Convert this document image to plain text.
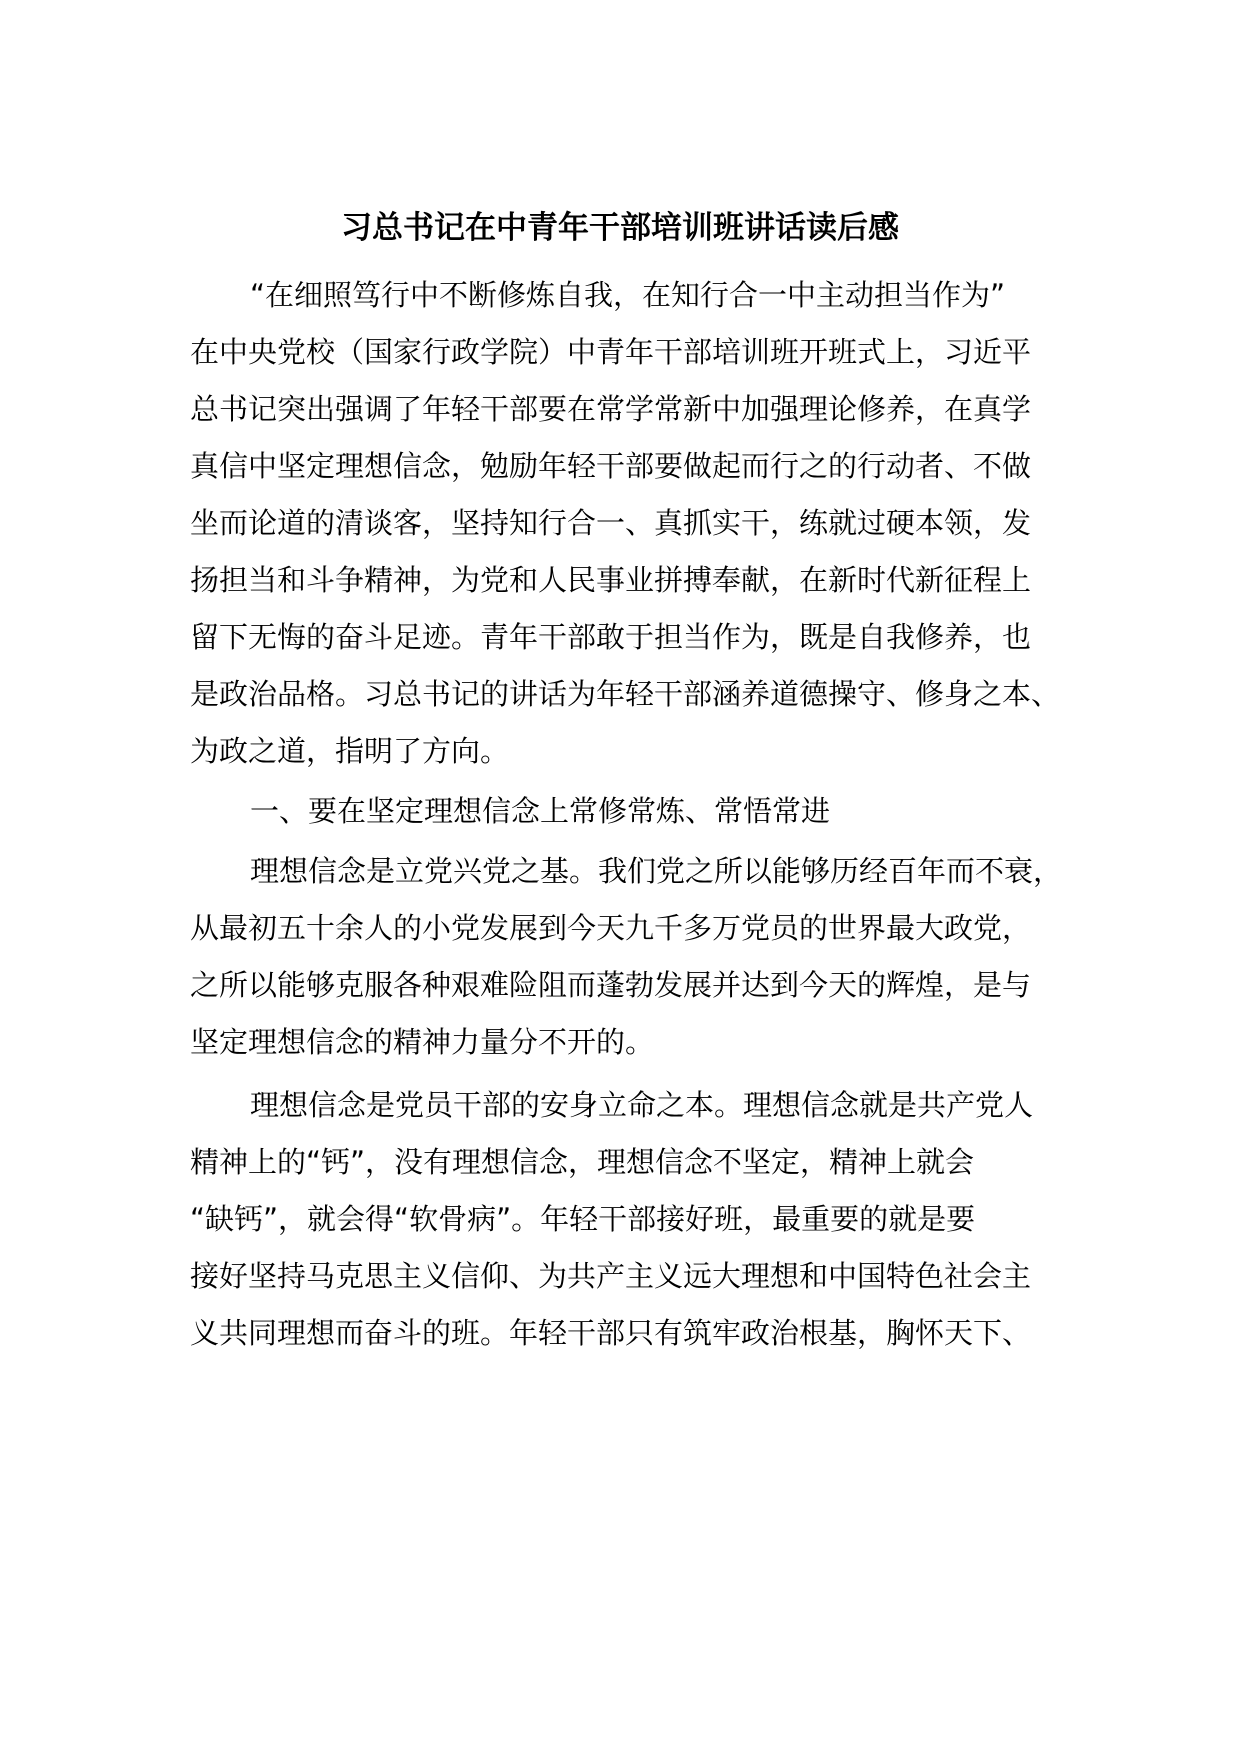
习总书记在中青年干部培训班讲话读后感
“在细照笃行中不断修炼自我，在知行合一中主动担当作为”
在中央党校（国家行政学院）中青年干部培训班开班式上，习近平
总书记突出强调了年轻干部要在常学常新中加强理论修养，在真学
真信中坚定理想信念，勉励年轻干部要做起而行之的行动者、不做
坐而论道的清谈客，坚持知行合一、真抓实干，练就过硬本领，发
扬担当和斗争精神，为党和人民事业拼搏奉献，在新时代新征程上
留下无悔的奋斗足迹。青年干部敢于担当作为，既是自我修养，也
是政治品格。习总书记的讲话为年轻干部涵养道德操守、修身之本、
为政之道，指明了方向。
一、要在坚定理想信念上常修常炼、常悟常进
理想信念是立党兴党之基。我们党之所以能够历经百年而不衰，
从最初五十余人的小党发展到今天九千多万党员的世界最大政党，
之所以能够克服各种艰难险阻而蓬勃发展并达到今天的辉煌，是与
坚定理想信念的精神力量分不开的。
理想信念是党员干部的安身立命之本。理想信念就是共产党人
精神上的“钙”，没有理想信念，理想信念不坚定，精神上就会
“缺钙”，就会得“软骨病”。年轻干部接好班，最重要的就是要
接好坚持马克思主义信仰、为共产主义远大理想和中国特色社会主
义共同理想而奋斗的班。年轻干部只有筑牢政治根基，胸怀天下、
